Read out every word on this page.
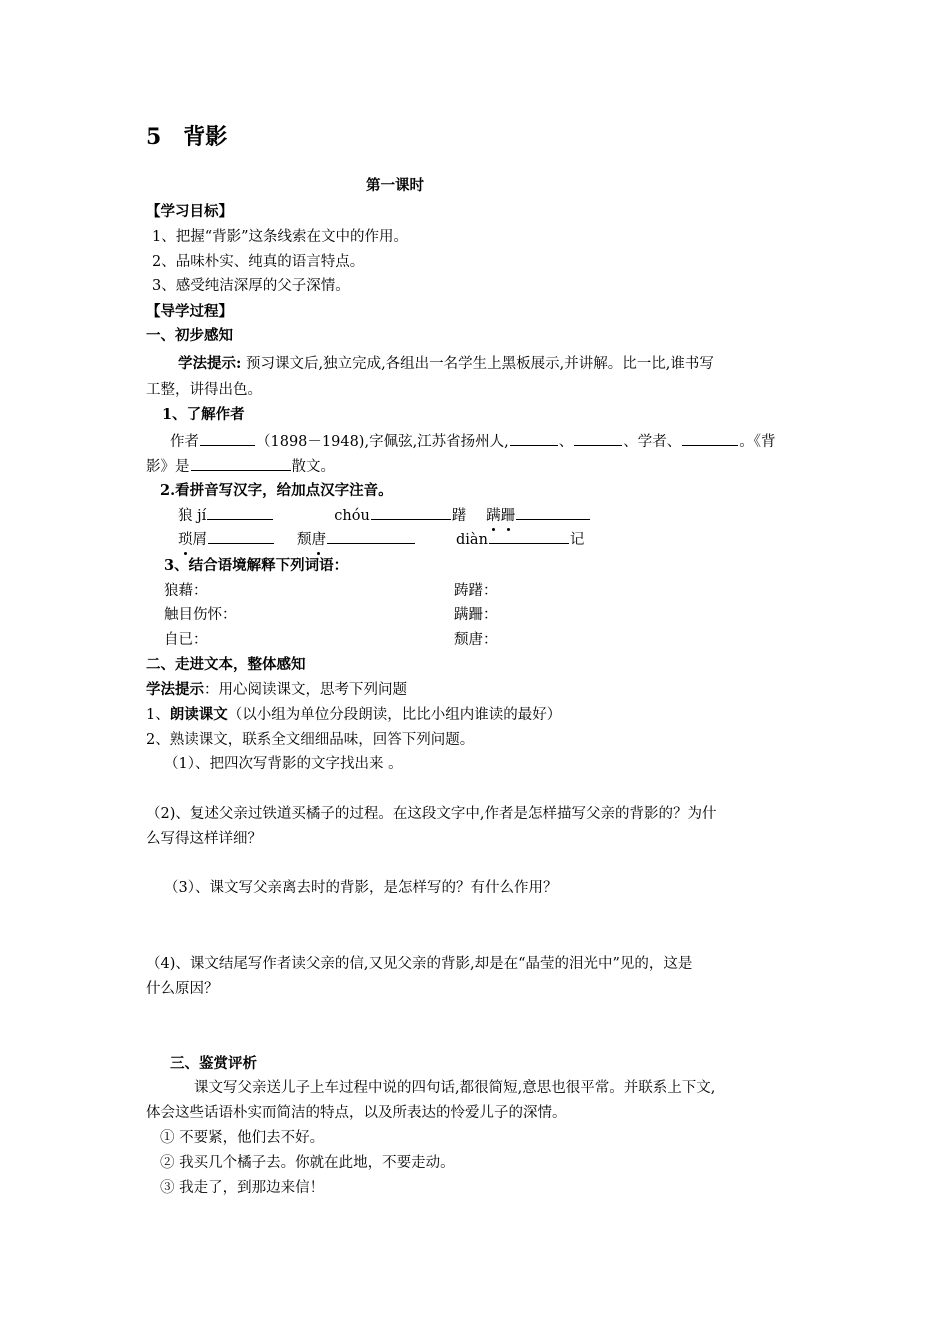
5　背影
第一课时
【学习目标】
1、把握“背影”这条线索在文中的作用。
2、品味朴实、纯真的语言特点。
3、感受纯洁深厚的父子深情。
【导学过程】
一、初步感知
学法提示: 预习课文后,独立完成,各组出一名学生上黑板展示,并讲解。比一比,谁书写
工整，讲得出色。
1、了解作者
作者	（1898－1948),字佩弦,江苏省扬州人,	、	、学者、	。《背
影》是	散文。
2.看拼音写汉字，给加点汉字注音。
狼 jí	chóu	躇 蹒跚
琐屑	颓唐	diàn	记
3、结合语境解释下列词语：
狼藉：	踌躇：
触目伤怀：	蹒跚：
自已：	颓唐：
二、走进文本，整体感知
学法提示：用心阅读课文，思考下列问题
1、朗读课文（以小组为单位分段朗读，比比小组内谁读的最好）
2、熟读课文，联系全文细细品味，回答下列问题。
（1）、把四次写背影的文字找出来 。
（2)、复述父亲过铁道买橘子的过程。在这段文字中,作者是怎样描写父亲的背影的？为什
么写得这样详细？
（3）、课文写父亲离去时的背影，是怎样写的？有什么作用？
（4)、课文结尾写作者读父亲的信,又见父亲的背影,却是在“晶莹的泪光中”见的，这是
什么原因？
三、鉴赏评析
课文写父亲送儿子上车过程中说的四句话,都很简短,意思也很平常。并联系上下文,
体会这些话语朴实而简洁的特点，以及所表达的怜爱儿子的深情。
① 不要紧，他们去不好。
② 我买几个橘子去。你就在此地，不要走动。
③ 我走了，到那边来信！
